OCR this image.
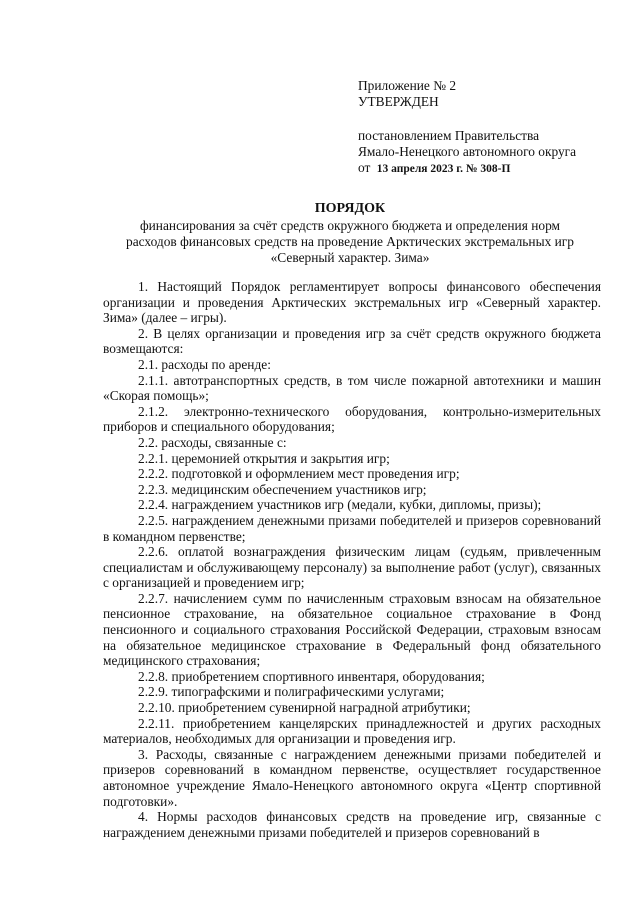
Приложение № 2
УТВЕРЖДЕН
постановлением Правительства
Ямало-Ненецкого автономного округа
от 13 апреля 2023 г. № 308-П
ПОРЯДОК
финансирования за счёт средств окружного бюджета и определения норм
расходов финансовых средств на проведение Арктических экстремальных игр
«Северный характер. Зима»

1. Настоящий Порядок регламентирует вопросы финансового обеспечения организации и проведения Арктических экстремальных игр «Северный характер. Зима» (далее – игры).

2. В целях организации и проведения игр за счёт средств окружного бюджета возмещаются:

2.1. расходы по аренде:

2.1.1. автотранспортных средств, в том числе пожарной автотехники и машин «Скорая помощь»;

2.1.2. электронно-технического оборудования, контрольно-измерительных приборов и специального оборудования;

2.2. расходы, связанные с:

2.2.1. церемонией открытия и закрытия игр;

2.2.2. подготовкой и оформлением мест проведения игр;

2.2.3. медицинским обеспечением участников игр;

2.2.4. награждением участников игр (медали, кубки, дипломы, призы);

2.2.5. награждением денежными призами победителей и призеров соревнований в командном первенстве;

2.2.6. оплатой вознаграждения физическим лицам (судьям, привлеченным специалистам и обслуживающему персоналу) за выполнение работ (услуг), связанных с организацией и проведением игр;

2.2.7. начислением сумм по начисленным страховым взносам на обязательное пенсионное страхование, на обязательное социальное страхование в Фонд пенсионного и социального страхования Российской Федерации, страховым взносам на обязательное медицинское страхование в Федеральный фонд обязательного медицинского страхования;

2.2.8. приобретением спортивного инвентаря, оборудования;

2.2.9. типографскими и полиграфическими услугами;

2.2.10. приобретением сувенирной наградной атрибутики;

2.2.11. приобретением канцелярских принадлежностей и других расходных материалов, необходимых для организации и проведения игр.

3. Расходы, связанные с награждением денежными призами победителей и призеров соревнований в командном первенстве, осуществляет государственное автономное учреждение Ямало-Ненецкого автономного округа «Центр спортивной подготовки».

4. Нормы расходов финансовых средств на проведение игр, связанные с награждением денежными призами победителей и призеров соревнований в
